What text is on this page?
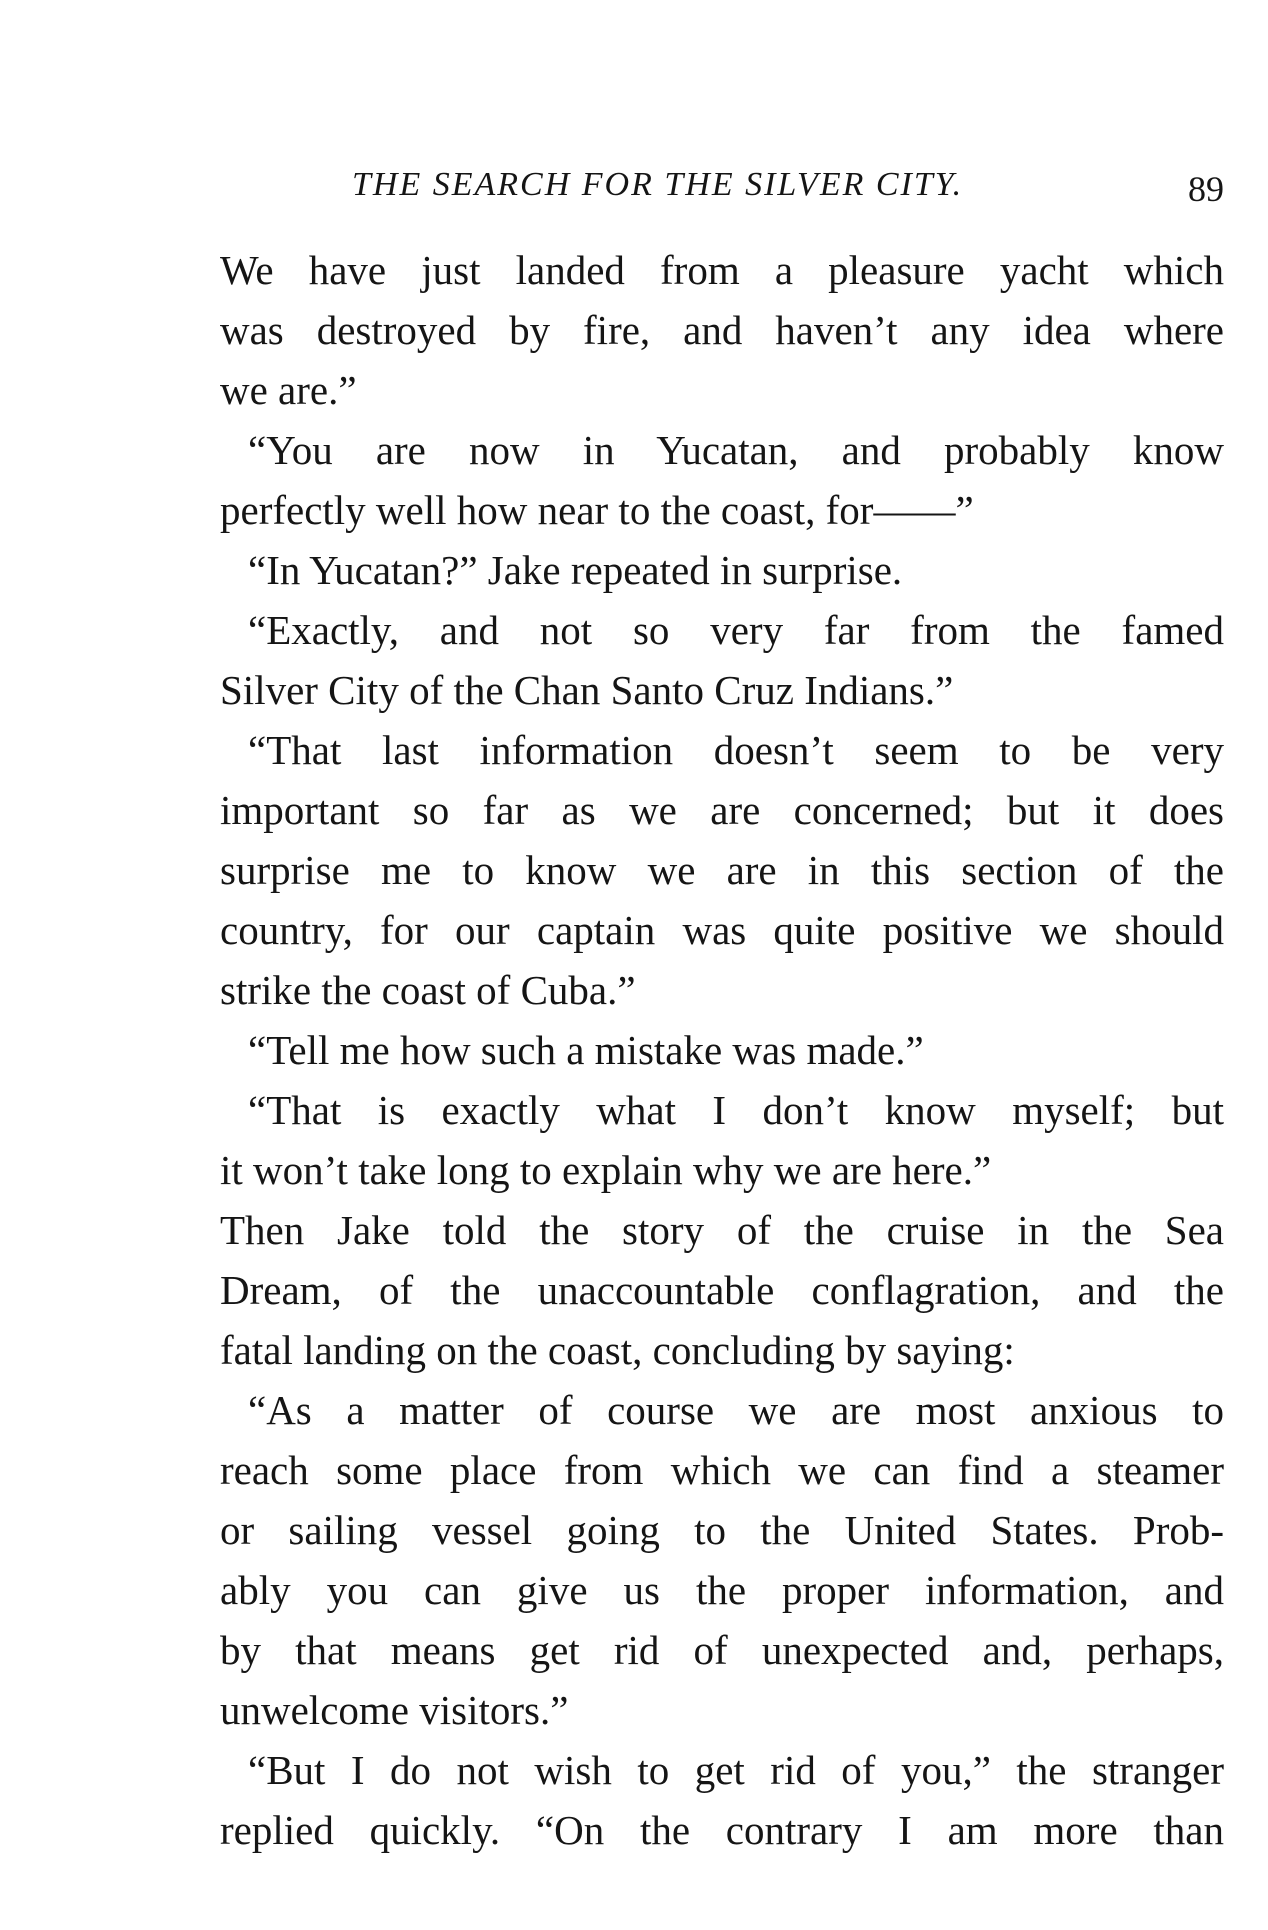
THE SEARCH FOR THE SILVER CITY.	89
We have just landed from a pleasure yacht which
was destroyed by fire, and haven’t any idea where
we are.”
“You are now in Yucatan, and probably know
perfectly well how near to the coast, for——”
“In Yucatan?” Jake repeated in surprise.
“Exactly, and not so very far from the famed
Silver City of the Chan Santo Cruz Indians.”
“That last information doesn’t seem to be very
important so far as we are concerned; but it does
surprise me to know we are in this section of the
country, for our captain was quite positive we should
strike the coast of Cuba.”
“Tell me how such a mistake was made.”
“That is exactly what I don’t know myself; but
it won’t take long to explain why we are here.”
Then Jake told the story of the cruise in the Sea
Dream, of the unaccountable conflagration, and the
fatal landing on the coast, concluding by saying:
“As a matter of course we are most anxious to
reach some place from which we can find a steamer
or sailing vessel going to the United States. Prob-
ably you can give us the proper information, and
by that means get rid of unexpected and, perhaps,
unwelcome visitors.”
“But I do not wish to get rid of you,” the stranger
replied quickly. “On the contrary I am more than
